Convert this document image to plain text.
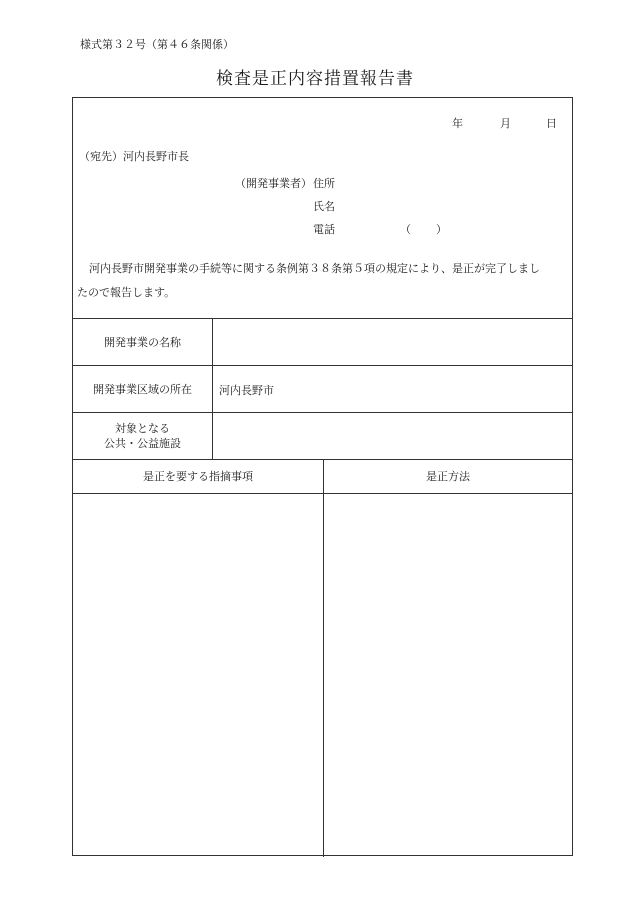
様式第３２号（第４６条関係）
検査是正内容措置報告書
年	月	日
（宛先）河内長野市長
（開発事業者） 住所
氏名
電話	（ ）
河内長野市開発事業の手続等に関する条例第３８条第５項の規定により、是正が完了しまし
たので報告します。
開発事業の名称
開発事業区域の所在 河内長野市
対象となる
公共・公益施設
是正を要する指摘事項	是正方法
